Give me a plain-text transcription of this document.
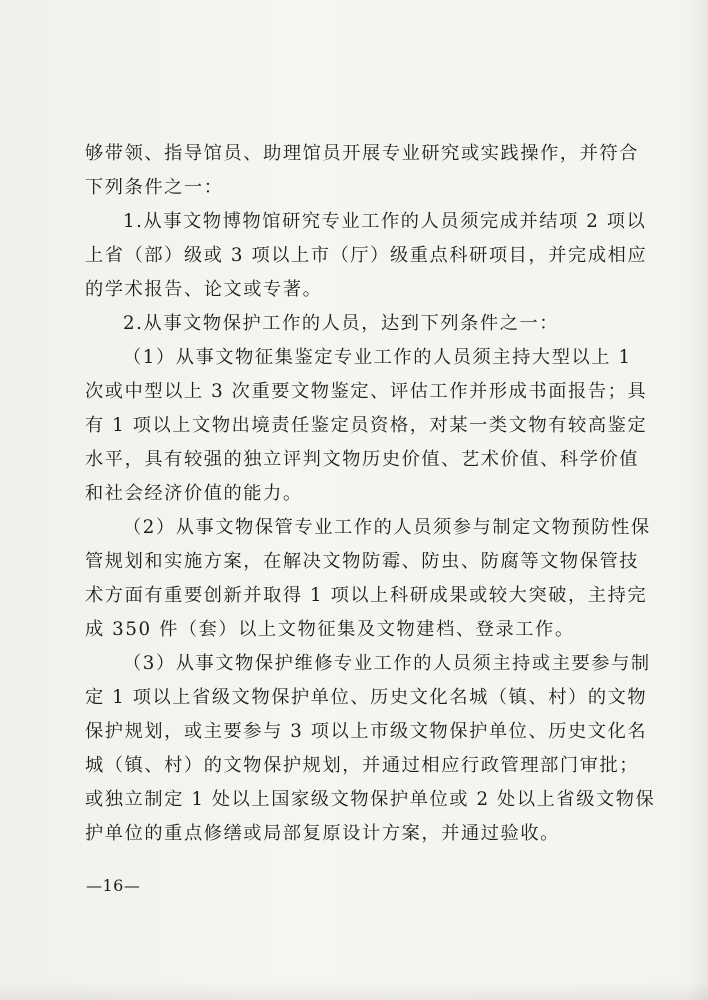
够带领、指导馆员、助理馆员开展专业研究或实践操作，并符合
下列条件之一：
1.从事文物博物馆研究专业工作的人员须完成并结项 2 项以
上省（部）级或 3 项以上市（厅）级重点科研项目，并完成相应
的学术报告、论文或专著。
2.从事文物保护工作的人员，达到下列条件之一：
（1）从事文物征集鉴定专业工作的人员须主持大型以上 1
次或中型以上 3 次重要文物鉴定、评估工作并形成书面报告；具
有 1 项以上文物出境责任鉴定员资格，对某一类文物有较高鉴定
水平，具有较强的独立评判文物历史价值、艺术价值、科学价值
和社会经济价值的能力。
（2）从事文物保管专业工作的人员须参与制定文物预防性保
管规划和实施方案，在解决文物防霉、防虫、防腐等文物保管技
术方面有重要创新并取得 1 项以上科研成果或较大突破，主持完
成 350 件（套）以上文物征集及文物建档、登录工作。
（3）从事文物保护维修专业工作的人员须主持或主要参与制
定 1 项以上省级文物保护单位、历史文化名城（镇、村）的文物
保护规划，或主要参与 3 项以上市级文物保护单位、历史文化名
城（镇、村）的文物保护规划，并通过相应行政管理部门审批；
或独立制定 1 处以上国家级文物保护单位或 2 处以上省级文物保
护单位的重点修缮或局部复原设计方案，并通过验收。
—16—
